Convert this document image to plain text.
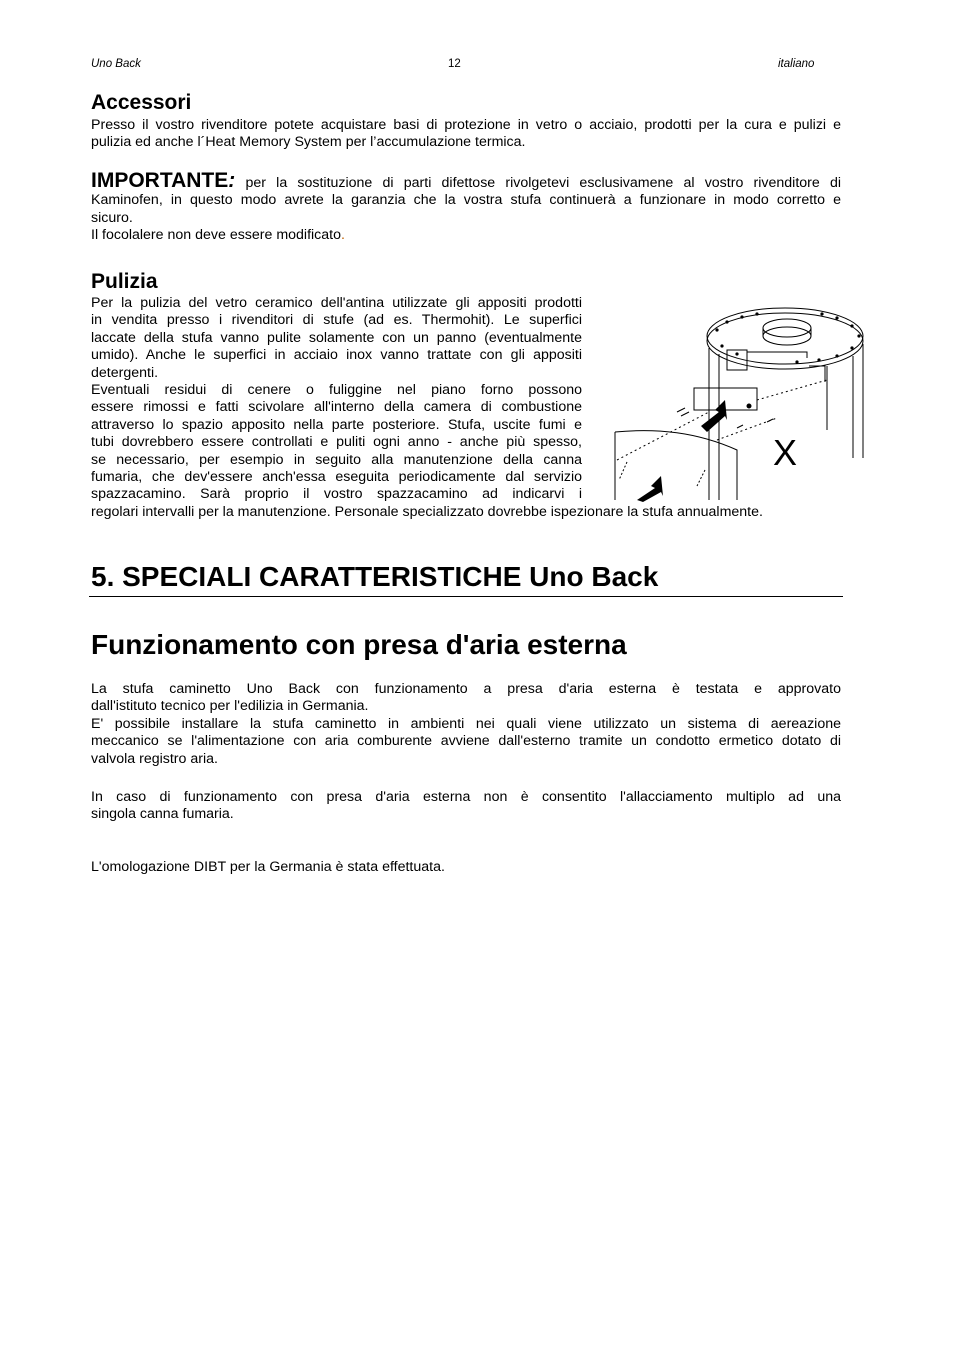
Uno Back	12	italiano
Accessori
Presso il vostro rivenditore potete acquistare basi di protezione in vetro o acciaio, prodotti per la cura e pulizi e
pulizia ed anche l´Heat Memory System per l’accumulazione termica.
IMPORTANTE: per la sostituzione di parti difettose rivolgetevi esclusivamene al vostro rivenditore di
Kaminofen, in questo modo avrete la garanzia che la vostra stufa continuerà a funzionare in modo corretto e
sicuro.
Il focolalere non deve essere modificato.
Pulizia
Per la pulizia del vetro ceramico dell'antina utilizzate gli appositi prodotti
in vendita presso i rivenditori di stufe (ad es. Thermohit). Le superfici
laccate della stufa vanno pulite solamente con un panno (eventualmente
umido). Anche le superfici in acciaio inox vanno trattate con gli appositi
detergenti.
Eventuali residui di cenere o fuliggine nel piano forno possono
essere rimossi e fatti scivolare all'interno della camera di combustione
attraverso lo spazio apposito nella parte posteriore. Stufa, uscite fumi e
tubi dovrebbero essere controllati e puliti ogni anno - anche più spesso,
se necessario, per esempio in seguito alla manutenzione della canna
fumaria, che dev'essere anch'essa eseguita periodicamente dal servizio
spazzacamino. Sarà proprio il vostro spazzacamino ad indicarvi i
regolari intervalli per la manutenzione. Personale specializzato dovrebbe ispezionare la stufa annualmente.
X
5. SPECIALI CARATTERISTICHE Uno Back
Funzionamento con presa d'aria esterna
La stufa caminetto Uno Back con funzionamento a presa d'aria esterna è testata e approvato
dall'istituto tecnico per l'edilizia in Germania.
E' possibile installare la stufa caminetto in ambienti nei quali viene utilizzato un sistema di aereazione
meccanico se l'alimentazione con aria comburente avviene dall'esterno tramite un condotto ermetico dotato di
valvola registro aria.
In caso di funzionamento con presa d'aria esterna non è consentito l'allacciamento multiplo ad una
singola canna fumaria.
L'omologazione DIBT per la Germania è stata effettuata.
